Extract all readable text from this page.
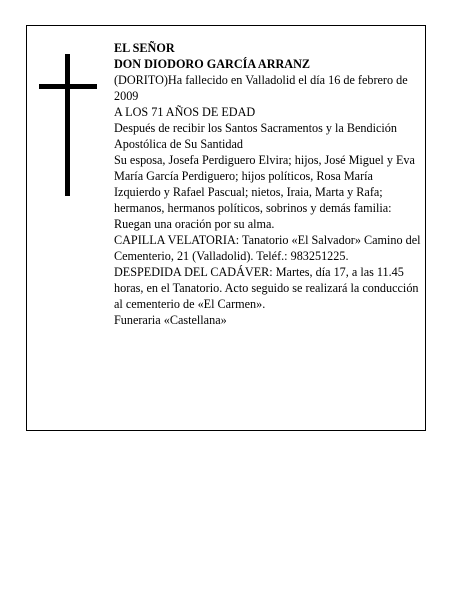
EL SEÑOR

DON DIODORO GARCÍA ARRANZ

(DORITO)Ha fallecido en Valladolid el día 16 de febrero de 2009

A LOS 71 AÑOS DE EDAD

Después de recibir los Santos Sacramentos y la Bendición Apostólica de Su Santidad

Su esposa, Josefa Perdiguero Elvira; hijos, José Miguel y Eva María García Perdiguero; hijos políticos, Rosa María Izquierdo y Rafael Pascual; nietos, Iraia, Marta y Rafa; hermanos, hermanos políticos, sobrinos y demás familia:

Ruegan una oración por su alma.

CAPILLA VELATORIA: Tanatorio «El Salvador» Camino del Cementerio, 21 (Valladolid). Teléf.: 983251225.

DESPEDIDA DEL CADÁVER: Martes, día 17, a las 11.45 horas, en el Tanatorio. Acto seguido se realizará la conducción al cementerio de «El Carmen».

Funeraria «Castellana»
